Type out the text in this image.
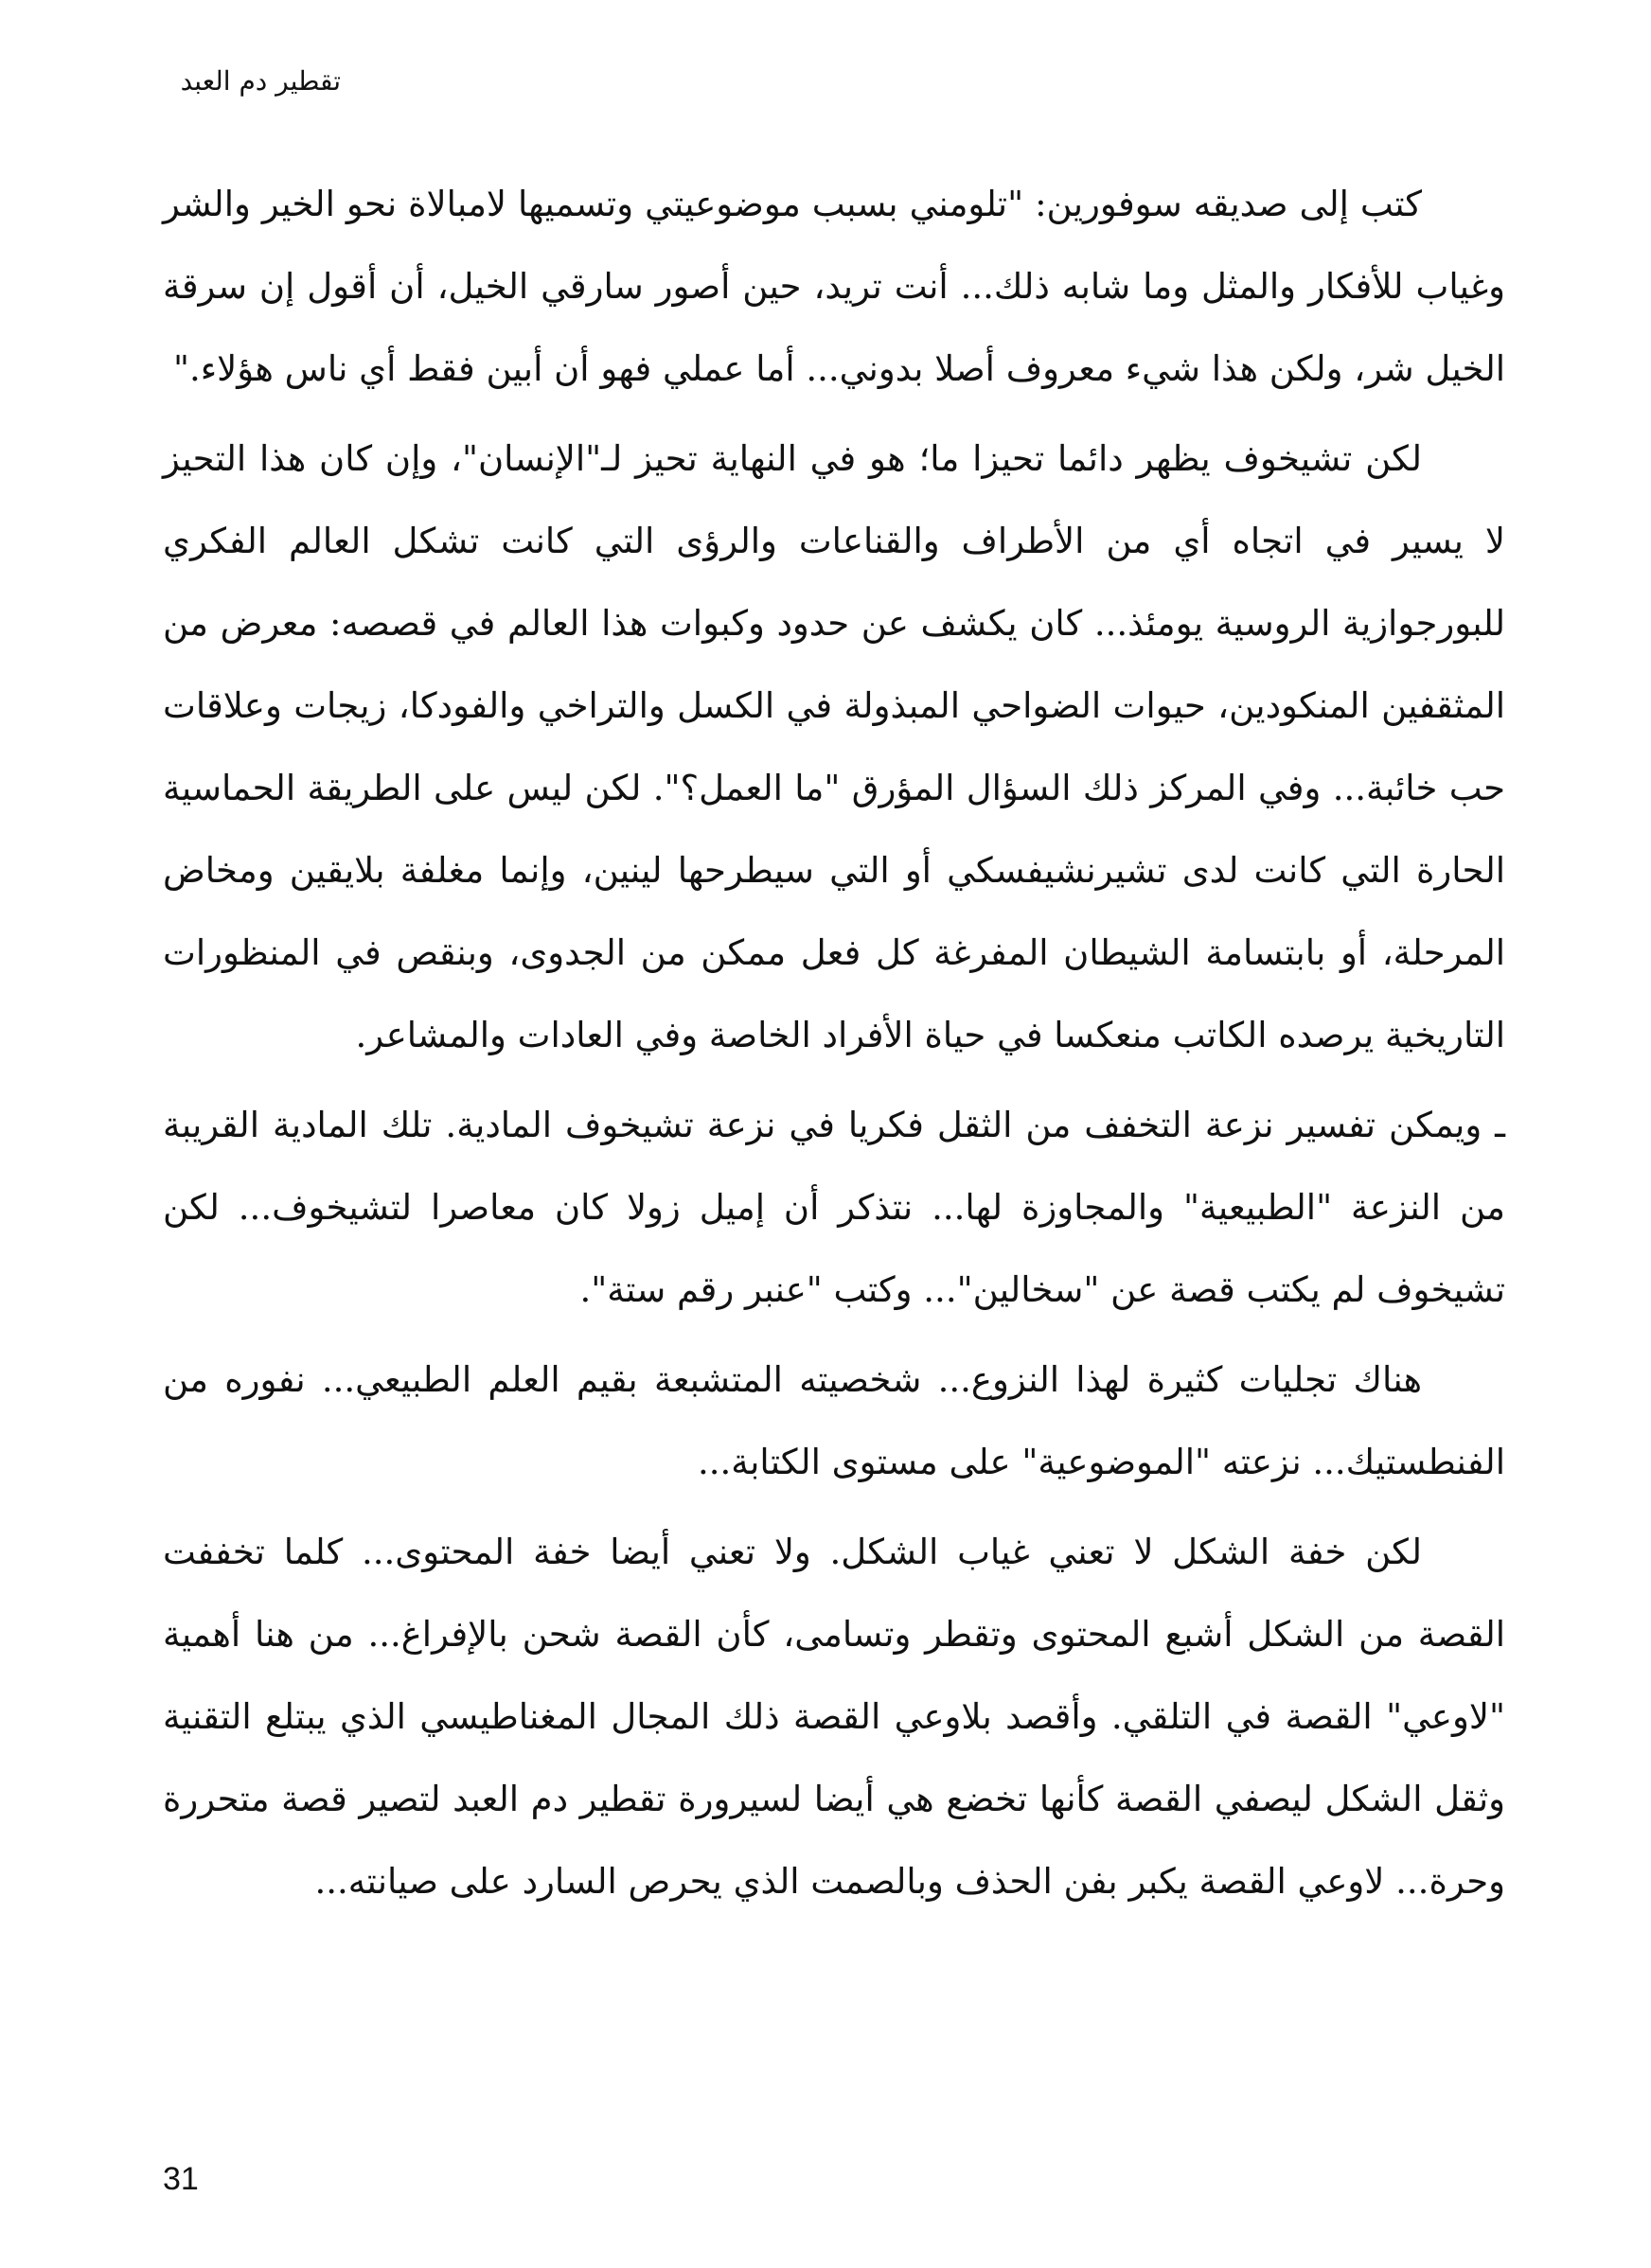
تقطير دم العبد

كتب إلى صديقه سوفورين: "تلومني بسبب موضوعيتي وتسميها لامبالاة نحو الخير والشر وغياب للأفكار والمثل وما شابه ذلك... أنت تريد، حين أصور سارقي الخيل، أن أقول إن سرقة الخيل شر، ولكن هذا شيء معروف أصلا بدوني... أما عملي فهو أن أبين فقط أي ناس هؤلاء."

لكن تشيخوف يظهر دائما تحيزا ما؛ هو في النهاية تحيز لـ"الإنسان"، وإن كان هذا التحيز لا يسير في اتجاه أي من الأطراف والقناعات والرؤى التي كانت تشكل العالم الفكري للبورجوازية الروسية يومئذ... كان يكشف عن حدود وكبوات هذا العالم في قصصه: معرض من المثقفين المنكودين، حيوات الضواحي المبذولة في الكسل والتراخي والفودكا، زيجات وعلاقات حب خائبة... وفي المركز ذلك السؤال المؤرق "ما العمل؟". لكن ليس على الطريقة الحماسية الحارة التي كانت لدى تشيرنشيفسكي أو التي سيطرحها لينين، وإنما مغلفة بلايقين ومخاض المرحلة، أو بابتسامة الشيطان المفرغة كل فعل ممكن من الجدوى، وبنقص في المنظورات التاريخية يرصده الكاتب منعكسا في حياة الأفراد الخاصة وفي العادات والمشاعر.

ـ ويمكن تفسير نزعة التخفف من الثقل فكريا في نزعة تشيخوف المادية. تلك المادية القريبة من النزعة "الطبيعية" والمجاوزة لها... نتذكر أن إميل زولا كان معاصرا لتشيخوف... لكن تشيخوف لم يكتب قصة عن "سخالين"... وكتب "عنبر رقم ستة".

هناك تجليات كثيرة لهذا النزوع... شخصيته المتشبعة بقيم العلم الطبيعي... نفوره من الفنطستيك... نزعته "الموضوعية" على مستوى الكتابة...

لكن خفة الشكل لا تعني غياب الشكل. ولا تعني أيضا خفة المحتوى... كلما تخففت القصة من الشكل أشبع المحتوى وتقطر وتسامى، كأن القصة شحن بالإفراغ... من هنا أهمية "لاوعي" القصة في التلقي. وأقصد بلاوعي القصة ذلك المجال المغناطيسي الذي يبتلع التقنية وثقل الشكل ليصفي القصة كأنها تخضع هي أيضا لسيرورة تقطير دم العبد لتصير قصة متحررة وحرة... لاوعي القصة يكبر بفن الحذف وبالصمت الذي يحرص السارد على صيانته...

31
